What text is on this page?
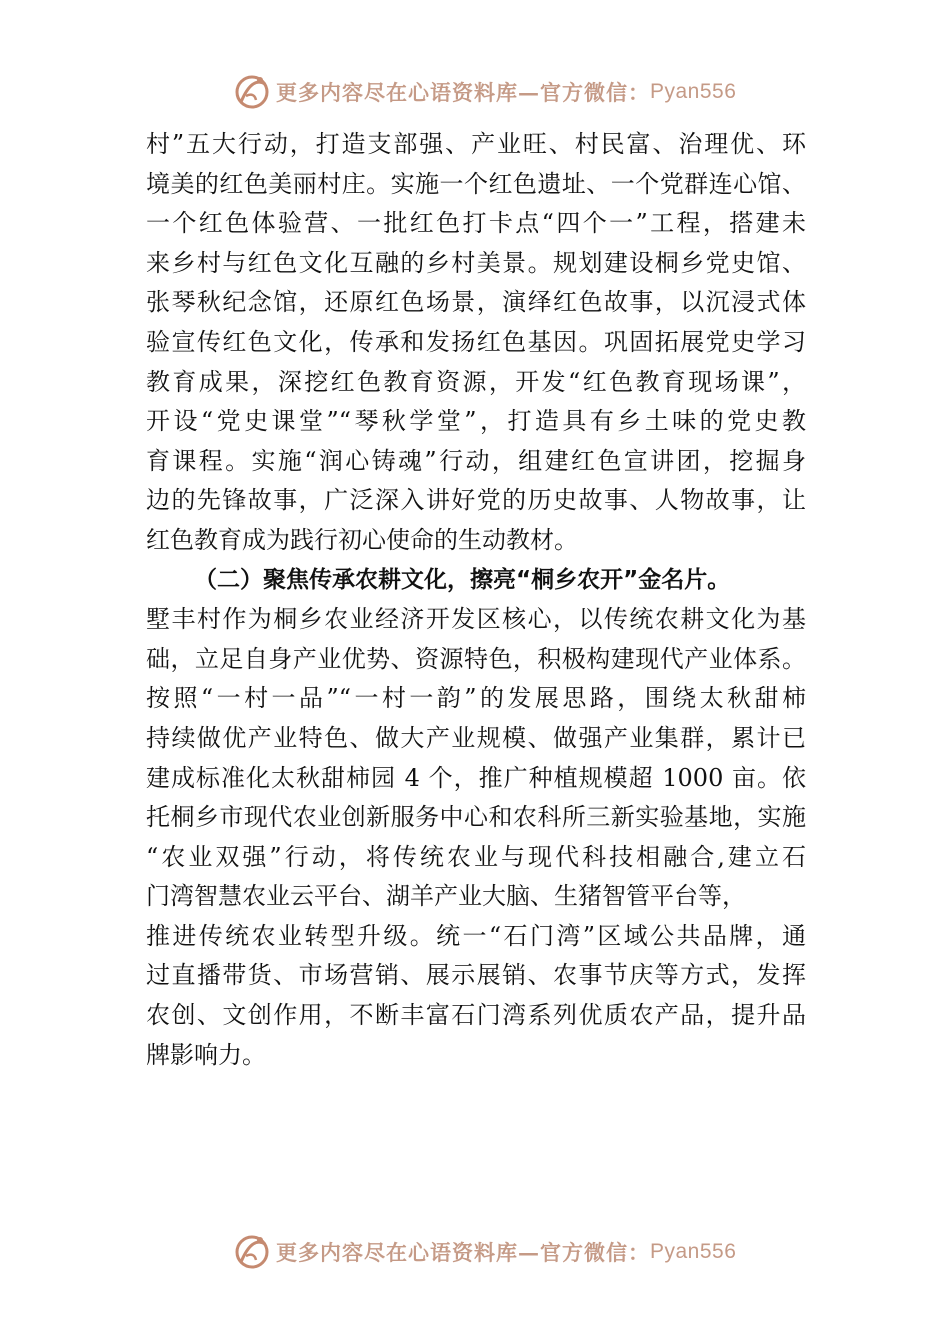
更多内容尽在心语资料库—官方微信： Pyan556
村”五大行动，打造支部强、产业旺、村民富、治理优、环
境美的红色美丽村庄。实施一个红色遗址、一个党群连心馆、
一个红色体验营、一批红色打卡点“四个一”工程，搭建未
来乡村与红色文化互融的乡村美景。规划建设桐乡党史馆、
张琴秋纪念馆，还原红色场景，演绎红色故事，以沉浸式体
验宣传红色文化，传承和发扬红色基因。巩固拓展党史学习
教育成果，深挖红色教育资源，开发“红色教育现场课”，
开设“党史课堂”“琴秋学堂”，打造具有乡土味的党史教
育课程。实施“润心铸魂”行动，组建红色宣讲团，挖掘身
边的先锋故事，广泛深入讲好党的历史故事、人物故事，让
红色教育成为践行初心使命的生动教材。
（二）聚焦传承农耕文化，擦亮“桐乡农开”金名片。
墅丰村作为桐乡农业经济开发区核心，以传统农耕文化为基
础，立足自身产业优势、资源特色，积极构建现代产业体系。
按照“一村一品”“一村一韵”的发展思路，围绕太秋甜柿
持续做优产业特色、做大产业规模、做强产业集群，累计已
建成标准化太秋甜柿园 4 个，推广种植规模超 1000 亩。依
托桐乡市现代农业创新服务中心和农科所三新实验基地，实施
“农业双强”行动，将传统农业与现代科技相融合,建立石
门湾智慧农业云平台、湖羊产业大脑、生猪智管平台等，
推进传统农业转型升级。统一“石门湾”区域公共品牌，通
过直播带货、市场营销、展示展销、农事节庆等方式，发挥
农创、文创作用，不断丰富石门湾系列优质农产品，提升品
牌影响力。
更多内容尽在心语资料库—官方微信： Pyan556
